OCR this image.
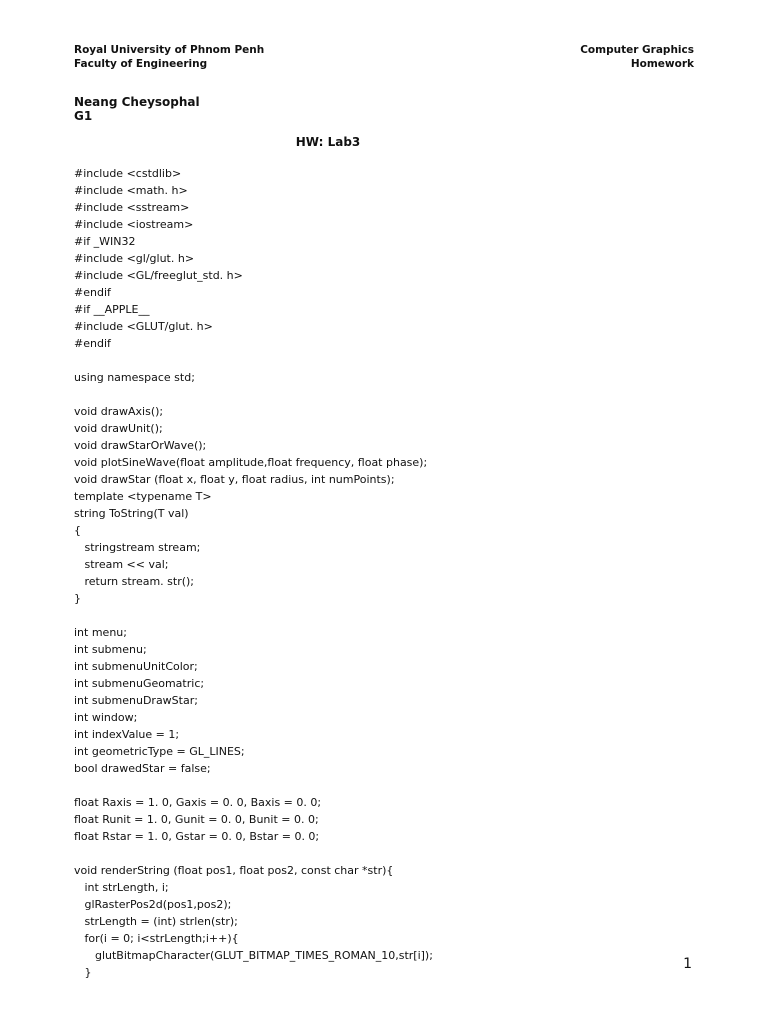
Royal University of Phnom Penh
Faculty of Engineering
Computer Graphics
Homework
Neang Cheysophal
G1
HW: Lab3
#include <cstdlib>
#include <math. h>
#include <sstream>
#include <iostream>
#if _WIN32
#include <gl/glut. h>
#include <GL/freeglut_std. h>
#endif
#if __APPLE__
#include <GLUT/glut. h>
#endif
using namespace std;
void drawAxis();
void drawUnit();
void drawStarOrWave();
void plotSineWave(float amplitude,float frequency, float phase);
void drawStar (float x, float y, float radius, int numPoints);
template <typename T>
string ToString(T val)
{
stringstream stream;
stream << val;
return stream. str();
}
int menu;
int submenu;
int submenuUnitColor;
int submenuGeomatric;
int submenuDrawStar;
int window;
int indexValue = 1;
int geometricType = GL_LINES;
bool drawedStar = false;
float Raxis = 1. 0, Gaxis = 0. 0, Baxis = 0. 0;
float Runit = 1. 0, Gunit = 0. 0, Bunit = 0. 0;
float Rstar = 1. 0, Gstar = 0. 0, Bstar = 0. 0;
void renderString (float pos1, float pos2, const char *str){
int strLength, i;
glRasterPos2d(pos1,pos2);
strLength = (int) strlen(str);
for(i = 0; i<strLength;i++){
glutBitmapCharacter(GLUT_BITMAP_TIMES_ROMAN_10,str[i]);
}
1
